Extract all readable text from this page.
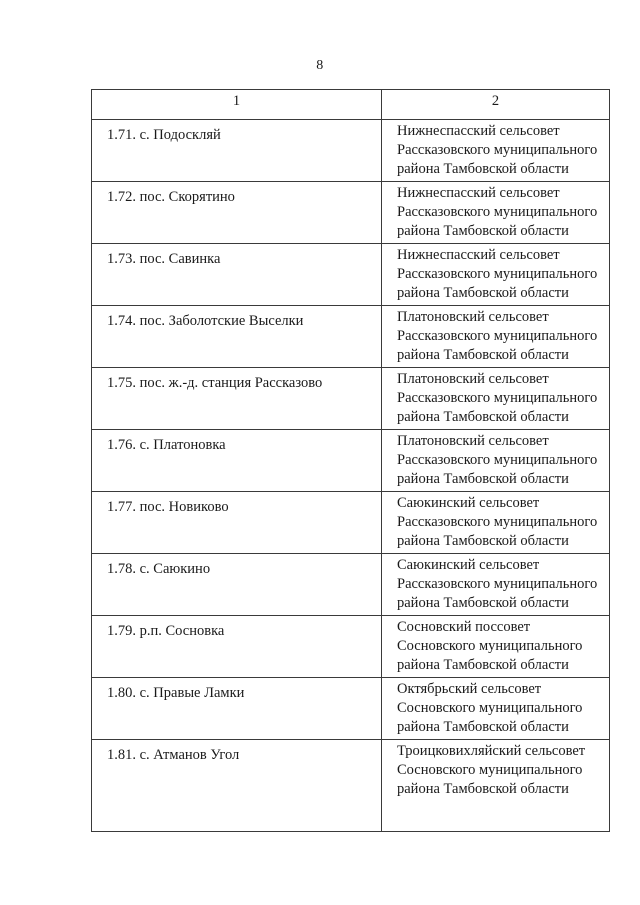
8
1	2
1.71. с. Подоскляй	Нижнеспасский сельсовет
Рассказовского муниципального
района Тамбовской области

1.72. пос. Скорятино	Нижнеспасский сельсовет
Рассказовского муниципального
района Тамбовской области

1.73. пос. Савинка	Нижнеспасский сельсовет
Рассказовского муниципального
района Тамбовской области

1.74. пос. Заболотские Выселки	Платоновский сельсовет
Рассказовского муниципального
района Тамбовской области

1.75. пос. ж.-д. станция Рассказово	Платоновский сельсовет
Рассказовского муниципального
района Тамбовской области

1.76. с. Платоновка	Платоновский сельсовет
Рассказовского муниципального
района Тамбовской области

1.77. пос. Новиково	Саюкинский сельсовет
Рассказовского муниципального
района Тамбовской области

1.78. с. Саюкино	Саюкинский сельсовет
Рассказовского муниципального
района Тамбовской области

1.79. р.п. Сосновка	Сосновский поссовет
Сосновского муниципального
района Тамбовской области

1.80. с. Правые Ламки	Октябрьский сельсовет
Сосновского муниципального
района Тамбовской области

1.81. с. Атманов Угол	Троицковихляйский сельсовет
Сосновского муниципального
района Тамбовской области
